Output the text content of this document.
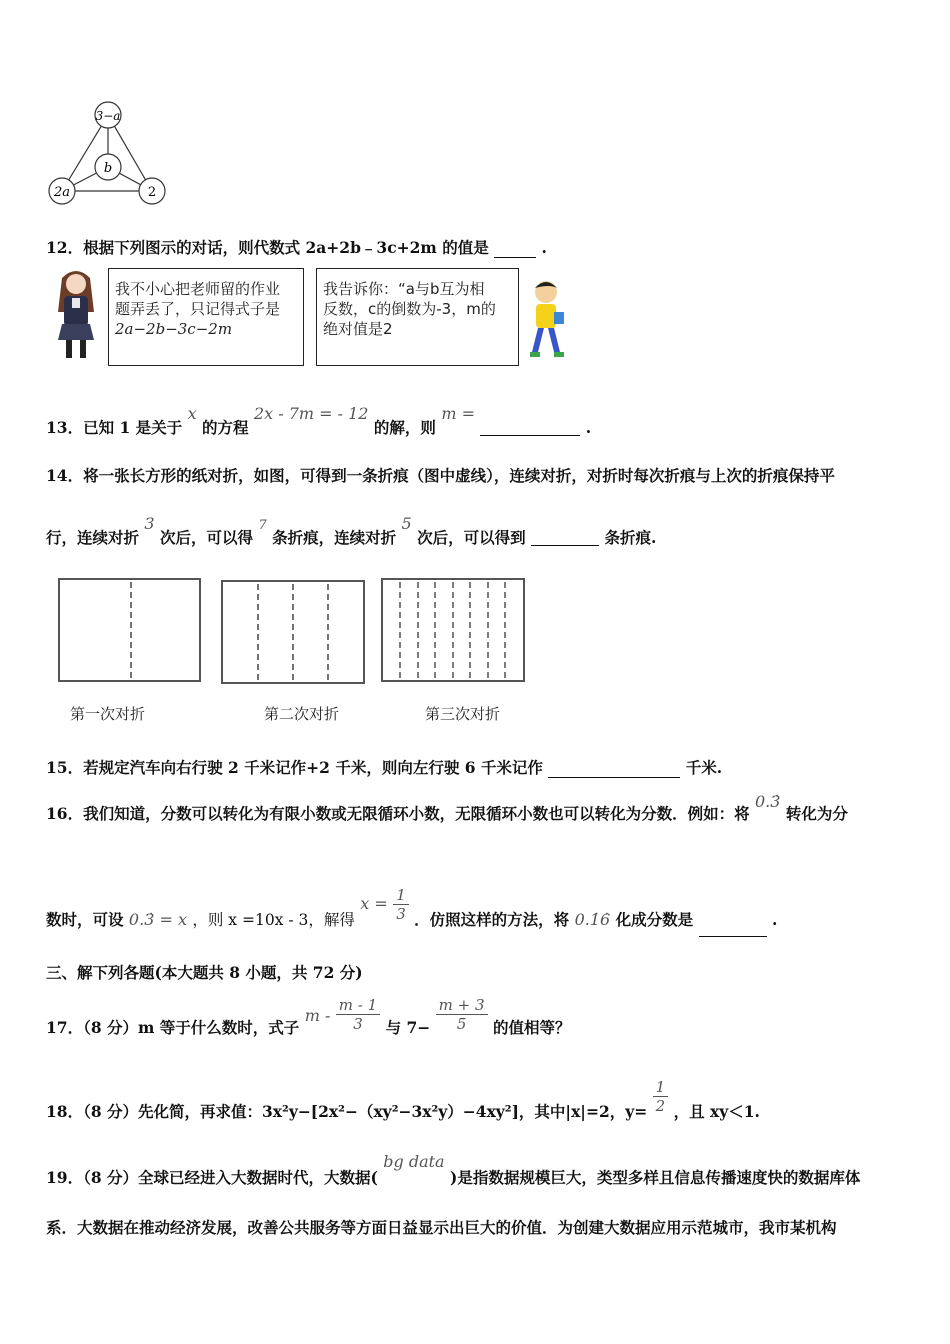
3−a
b
2a	2
12．根据下列图示的对话，则代数式 2a+2b﹣3c+2m 的值是	.
我不小心把老师留的作业
题弄丢了，只记得式子是
2a−2b−3c−2m
我告诉你：“a与b互为相
反数，c的倒数为-3，m的
绝对值是2
13．已知 1 是关于 x 的方程 2x - 7m = - 12 的解，则 m =  .
14．将一张长方形的纸对折，如图，可得到一条折痕（图中虚线），连续对折，对折时每次折痕与上次的折痕保持平
行，连续对折 3 次后，可以得 7 条折痕，连续对折 5 次后，可以得到	条折痕.
第一次对折	第二次对折	第三次对折
15．若规定汽车向右行驶 2 千米记作+2 千米，则向左行驶 6 千米记作	千米.
16．我们知道，分数可以转化为有限小数或无限循环小数，无限循环小数也可以转化为分数．例如：将 0.3̇ 转化为分
数时，可设 0.3̇ = x ，则 x =10x - 3，解得 $x = \frac{1}{3}$ ．仿照这样的方法，将 0.1̇6̇ 化成分数是	.
三、解下列各题(本大题共 8 小题，共 72 分)
17．（8 分）m 等于什么数时，式子 m - $\frac{m - 1}{3}$ 与 $7- \frac{m + 3}{5}$ 的值相等？
18．（8 分）先化简，再求值：3x²y−[2x²−（xy²−3x²y）−4xy²]，其中|x|=2，$y= \frac{1}{2}$ ，且 xy＜1.
19．（8 分）全球已经进入大数据时代，大数据( bg data )是指数据规模巨大，类型多样且信息传播速度快的数据库体
系．大数据在推动经济发展，改善公共服务等方面日益显示出巨大的价值．为创建大数据应用示范城市，我市某机构
